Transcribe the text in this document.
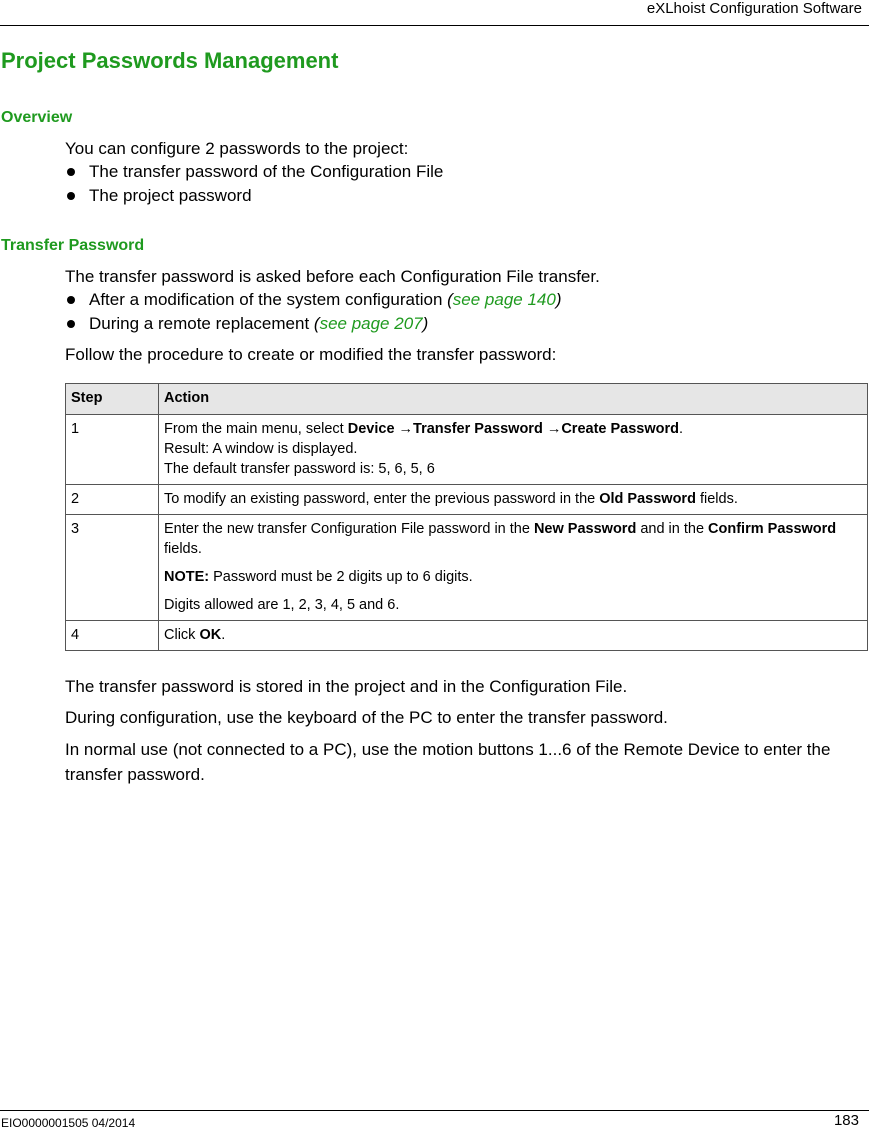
eXLhoist Configuration Software
Project Passwords Management
Overview

You can configure 2 passwords to the project:

The transfer password of the Configuration File
The project password
Transfer Password

The transfer password is asked before each Configuration File transfer.

After a modification of the system configuration (see page 140)
During a remote replacement (see page 207)

Follow the procedure to create or modified the transfer password:

Step	Action
1	From the main menu, select Device →Transfer Password →Create Password.

Result: A window is displayed.

The default transfer password is: 5, 6, 5, 6

2	To modify an existing password, enter the previous password in the Old Password fields.

3	Enter the new transfer Configuration File password in the New Password and in the Confirm Password fields.

NOTE: Password must be 2 digits up to 6 digits.

Digits allowed are 1, 2, 3, 4, 5 and 6.

4	Click OK.

The transfer password is stored in the project and in the Configuration File.

During configuration, use the keyboard of the PC to enter the transfer password.

In normal use (not connected to a PC), use the motion buttons 1...6 of the Remote Device to enter the transfer password.

EIO0000001505 04/2014	183
